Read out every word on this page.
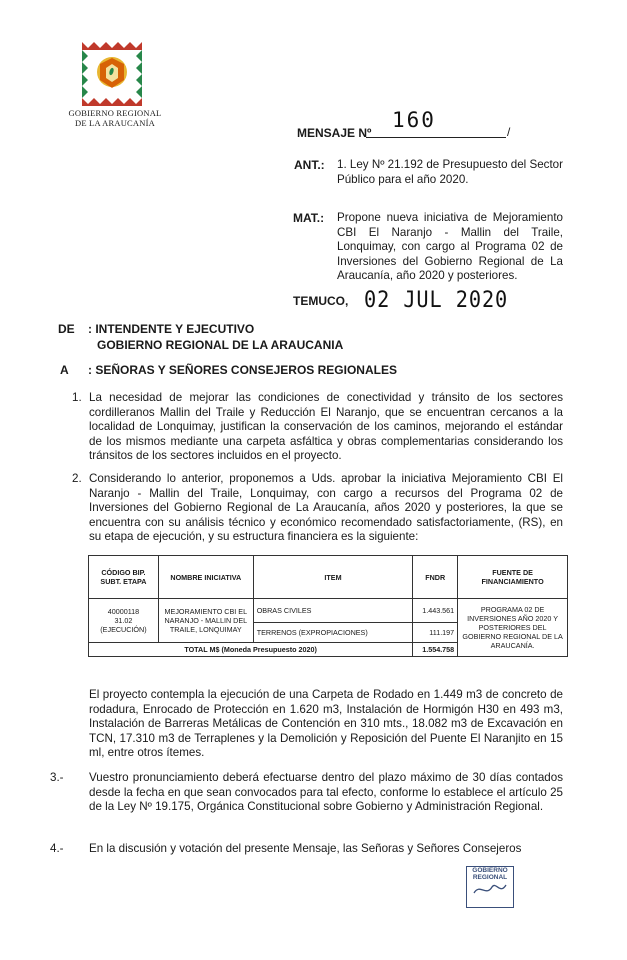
GOBIERNO REGIONAL
DE LA ARAUCANÍA
MENSAJE Nº
160	/
ANT.: 1. Ley Nº 21.192 de Presupuesto del Sector Público para el año 2020.
MAT.: Propone nueva iniciativa de Mejoramiento CBI El Naranjo - Mallin del Traile, Lonquimay, con cargo al Programa 02 de Inversiones del Gobierno Regional de La Araucanía, año 2020 y posteriores.
TEMUCO, 02 JUL 2020
DE : INTENDENTE Y EJECUTIVO
GOBIERNO REGIONAL DE LA ARAUCANIA
A : SEÑORAS Y SEÑORES CONSEJEROS REGIONALES
1. La necesidad de mejorar las condiciones de conectividad y tránsito de los sectores cordilleranos Mallin del Traile y Reducción El Naranjo, que se encuentran cercanos a la localidad de Lonquimay, justifican la conservación de los caminos, mejorando el estándar de los mismos mediante una carpeta asfáltica y obras complementarias considerando los tránsitos de los sectores incluidos en el proyecto.
2. Considerando lo anterior, proponemos a Uds. aprobar la iniciativa Mejoramiento CBI El Naranjo - Mallin del Traile, Lonquimay, con cargo a recursos del Programa 02 de Inversiones del Gobierno Regional de La Araucanía, años 2020 y posteriores, la que se encuentra con su análisis técnico y económico recomendado satisfactoriamente, (RS), en su etapa de ejecución, y su estructura financiera es la siguiente:
CÓDIGO BIP. SUBT. ETAPA	NOMBRE INICIATIVA	ITEM	FNDR	FUENTE DE FINANCIAMIENTO

40000118
31.02
(EJECUCIÓN)	MEJORAMIENTO CBI EL NARANJO - MALLIN DEL TRAILE, LONQUIMAY	OBRAS CIVILES	1.443.561	PROGRAMA 02 DE INVERSIONES AÑO 2020 Y POSTERIORES DEL GOBIERNO REGIONAL DE LA ARAUCANÍA.
		TERRENOS (EXPROPIACIONES)	111.197	
TOTAL M$ (Moneda Presupuesto 2020)			1.554.758	
El proyecto contempla la ejecución de una Carpeta de Rodado en 1.449 m3 de concreto de rodadura, Enrocado de Protección en 1.620 m3, Instalación de Hormigón H30 en 493 m3, Instalación de Barreras Metálicas de Contención en 310 mts., 18.082 m3 de Excavación en TCN, 17.310 m3 de Terraplenes y la Demolición y Reposición del Puente El Naranjito en 15 ml, entre otros ítemes.
3.- Vuestro pronunciamiento deberá efectuarse dentro del plazo máximo de 30 días contados desde la fecha en que sean convocados para tal efecto, conforme lo establece el artículo 25 de la Ley Nº 19.175, Orgánica Constitucional sobre Gobierno y Administración Regional.
4.- En la discusión y votación del presente Mensaje, las Señoras y Señores Consejeros
GOBIERNO
REGIONAL
